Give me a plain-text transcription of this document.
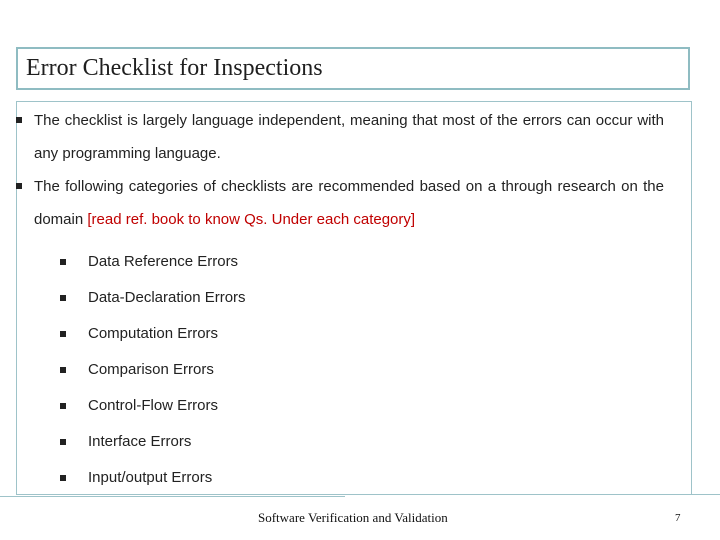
Error Checklist for Inspections
The checklist is largely language independent, meaning that most of the errors can occur with any programming language.
The following categories of checklists are recommended based on a through research on the domain [read ref. book to know Qs. Under each category]
Data Reference Errors
Data-Declaration Errors
Computation Errors
Comparison Errors
Control-Flow Errors
Interface Errors
Input/output Errors
Software Verification and Validation	7
